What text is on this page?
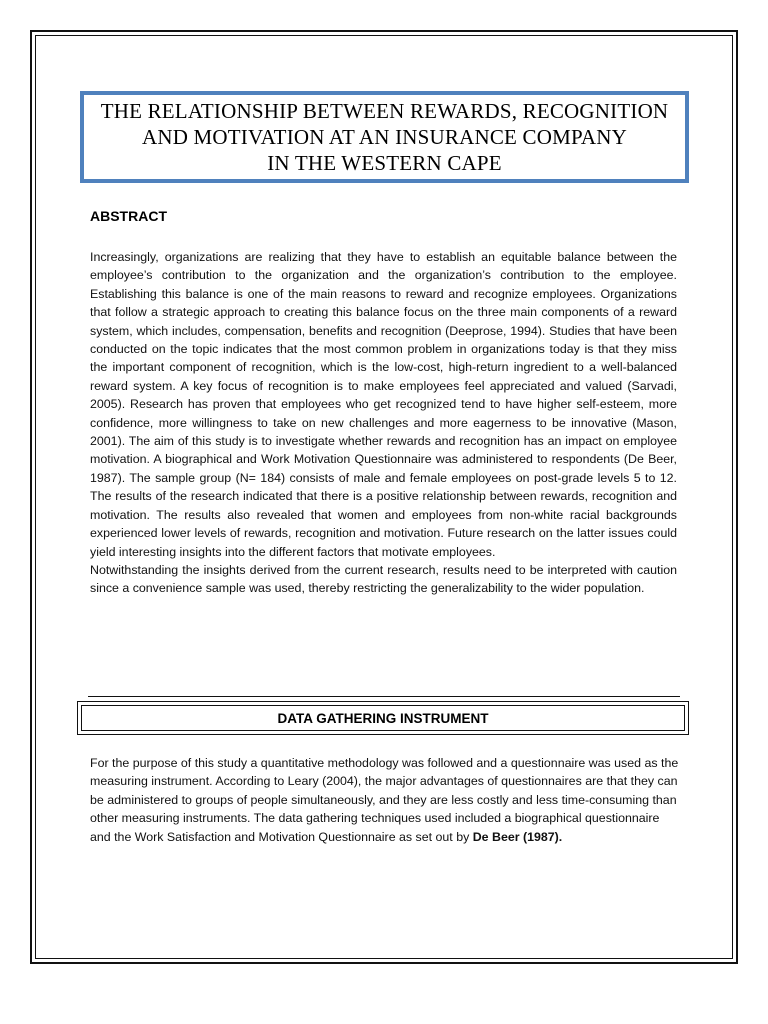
THE RELATIONSHIP BETWEEN REWARDS, RECOGNITION
AND MOTIVATION AT AN INSURANCE COMPANY
IN THE WESTERN CAPE
ABSTRACT

Increasingly, organizations are realizing that they have to establish an equitable balance between the employee’s contribution to the organization and the organization’s contribution to the employee. Establishing this balance is one of the main reasons to reward and recognize employees. Organizations that follow a strategic approach to creating this balance focus on the three main components of a reward system, which includes, compensation, benefits and recognition (Deeprose, 1994). Studies that have been conducted on the topic indicates that the most common problem in organizations today is that they miss the important component of recognition, which is the low-cost, high-return ingredient to a well-balanced reward system. A key focus of recognition is to make employees feel appreciated and valued (Sarvadi, 2005). Research has proven that employees who get recognized tend to have higher self-esteem, more confidence, more willingness to take on new challenges and more eagerness to be innovative (Mason, 2001). The aim of this study is to investigate whether rewards and recognition has an impact on employee motivation. A biographical and Work Motivation Questionnaire was administered to respondents (De Beer, 1987). The sample group (N= 184) consists of male and female employees on post-grade levels 5 to 12. The results of the research indicated that there is a positive relationship between rewards, recognition and motivation. The results also revealed that women and employees from non-white racial backgrounds experienced lower levels of rewards, recognition and motivation. Future research on the latter issues could yield interesting insights into the different factors that motivate employees.

Notwithstanding the insights derived from the current research, results need to be interpreted with caution since a convenience sample was used, thereby restricting the generalizability to the wider population.

DATA GATHERING INSTRUMENT

For the purpose of this study a quantitative methodology was followed and a questionnaire was used as the measuring instrument. According to Leary (2004), the major advantages of questionnaires are that they can be administered to groups of people simultaneously, and they are less costly and less time-consuming than other measuring instruments. The data gathering techniques used included a biographical questionnaire and the Work Satisfaction and Motivation Questionnaire as set out by De Beer (1987).
